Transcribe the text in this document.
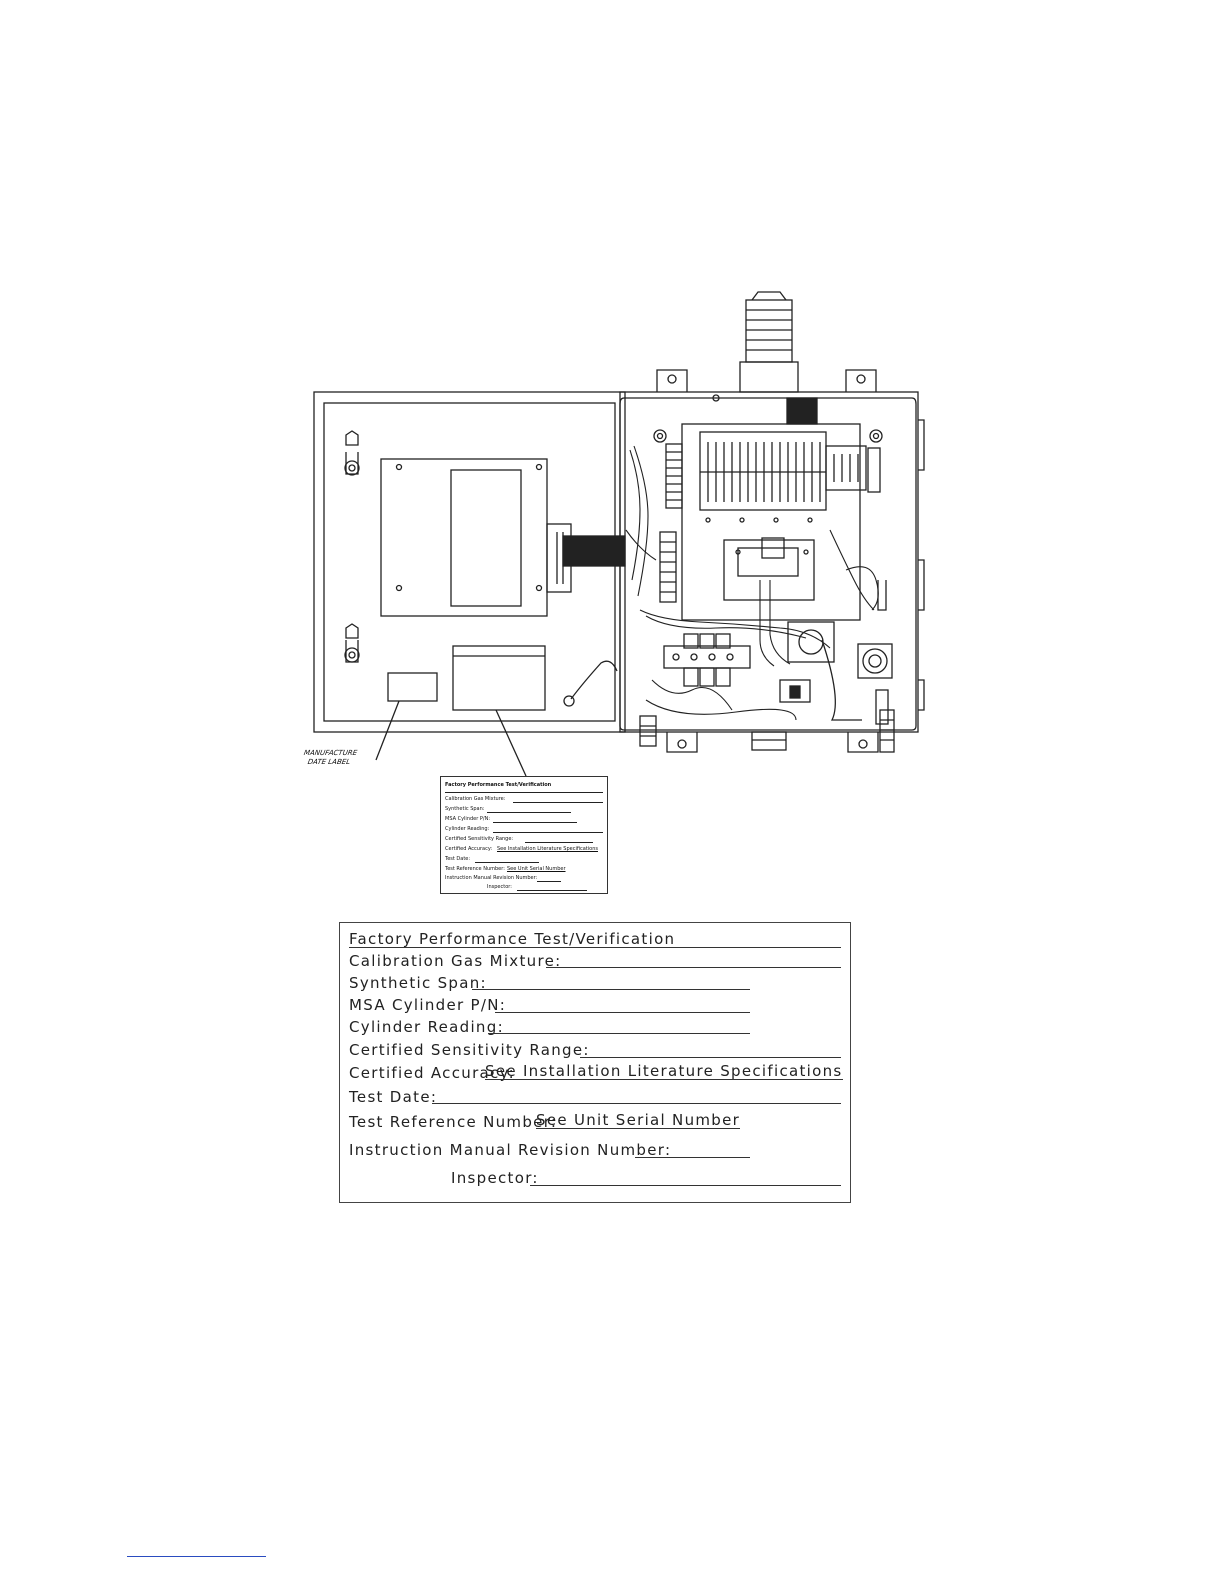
MANUFACTURE
DATE LABEL
Factory Performance Test/Verification
Calibration Gas Mixture:
Synthetic Span:
MSA Cylinder P/N:
Cylinder Reading:
Certified Sensitivity Range:
Certified Accuracy: See Installation Literature Specifications
Test Date:
Test Reference Number: See Unit Serial Number
Instruction Manual Revision Number:
Inspector:
Factory Performance Test/Verification
Calibration Gas Mixture:
Synthetic Span:
MSA Cylinder P/N:
Cylinder Reading:
Certified Sensitivity Range:
Certified Accuracy:
See Installation Literature Specifications
Test Date:
Test Reference Number:
See Unit Serial Number
Instruction Manual Revision Number:
Inspector:
